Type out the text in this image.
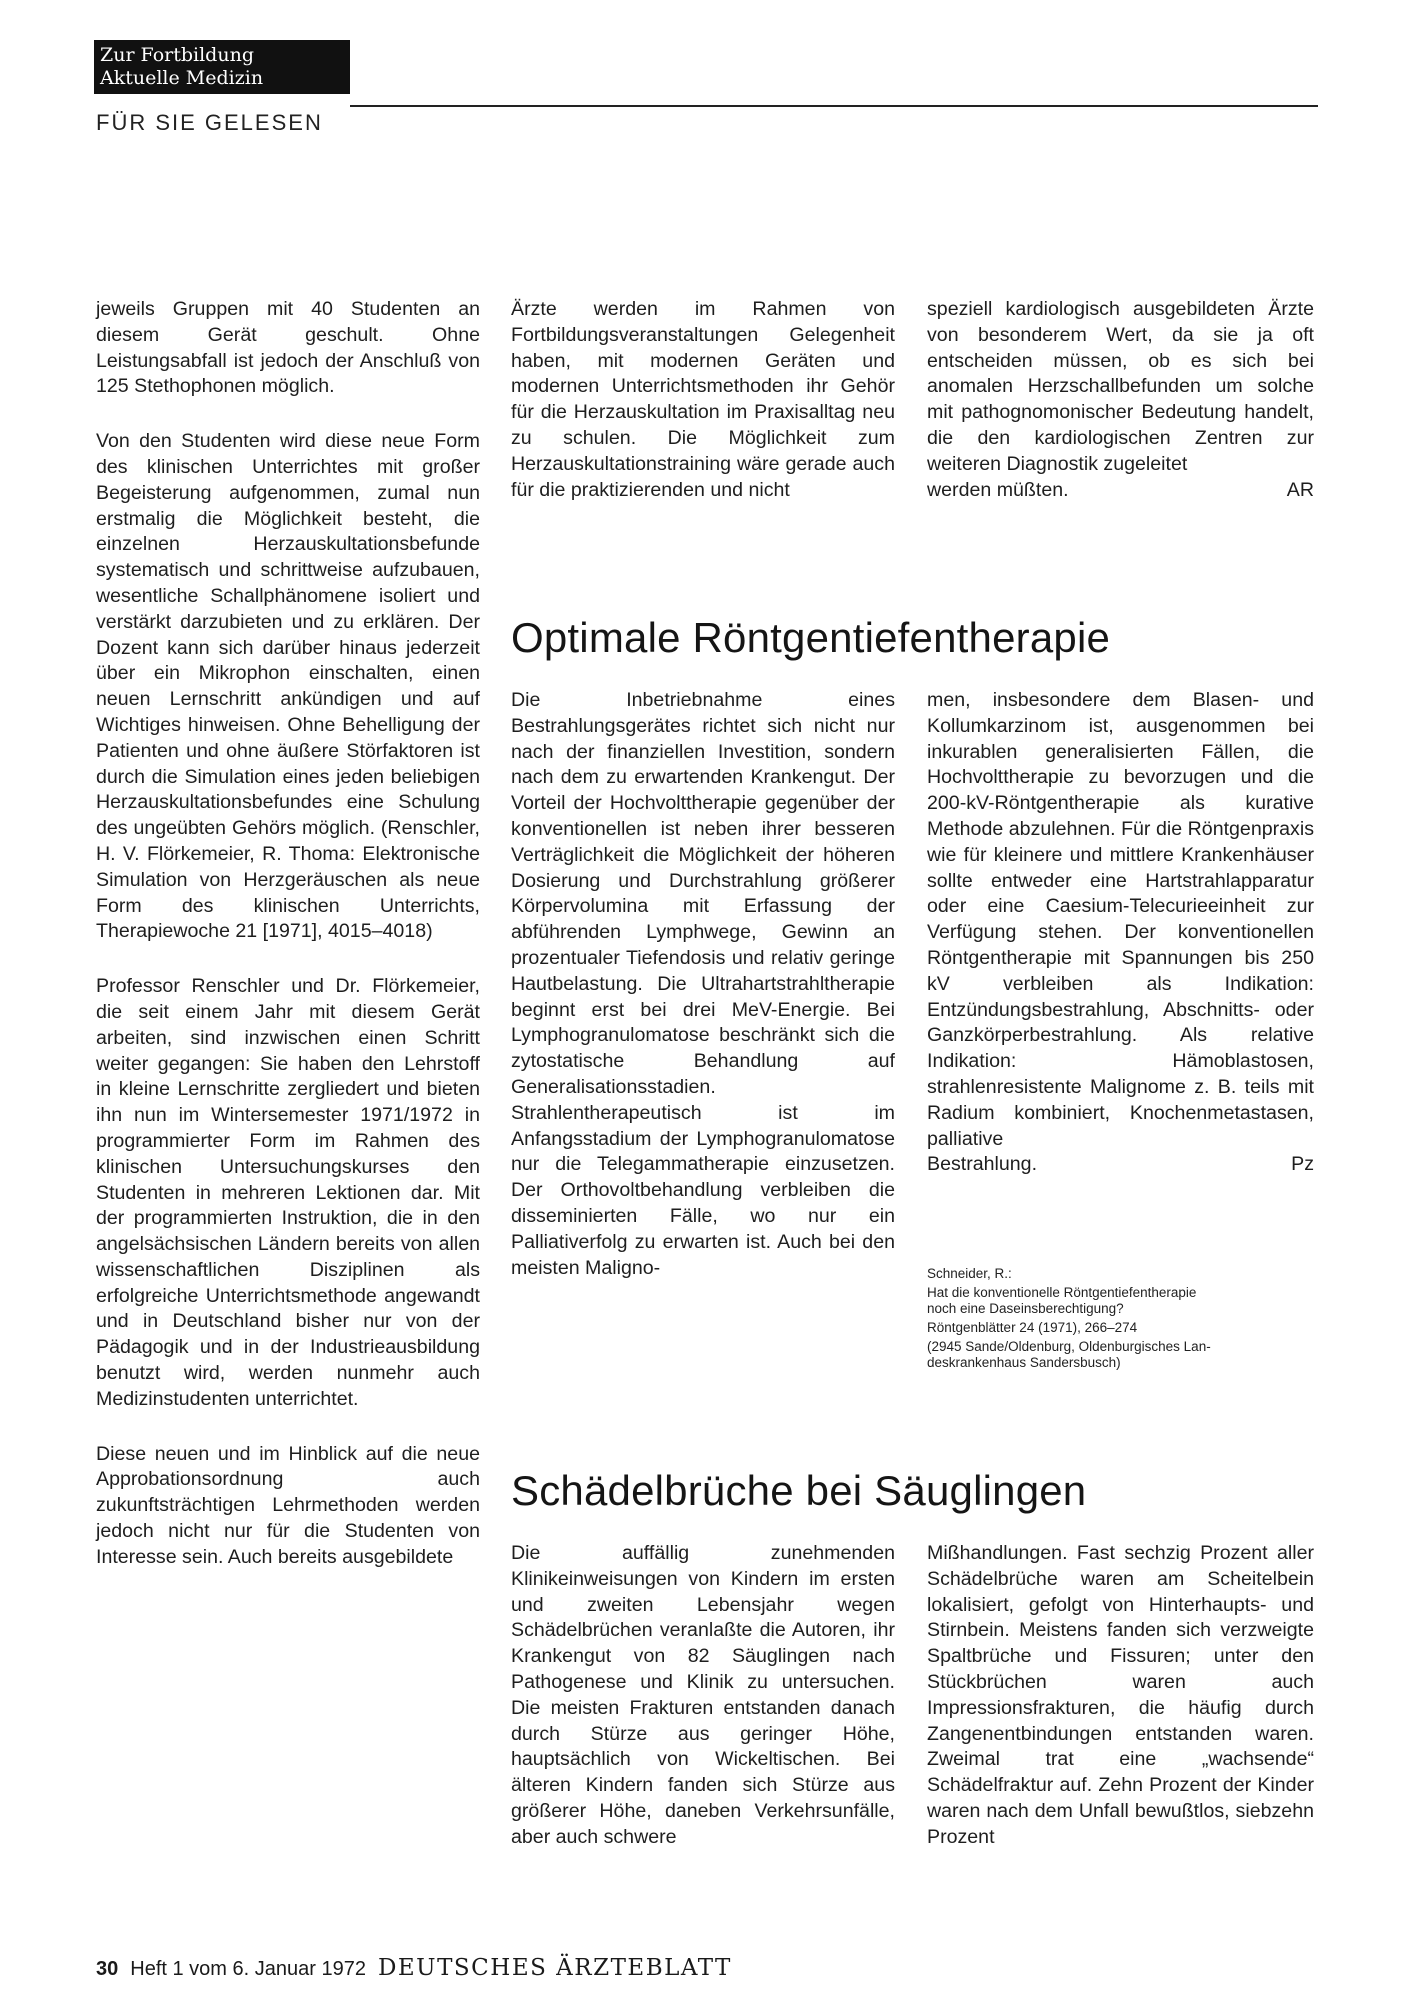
Zur Fortbildung
Aktuelle Medizin
FÜR SIE GELESEN

jeweils Gruppen mit 40 Studenten an diesem Gerät geschult. Ohne Leistungsabfall ist jedoch der Anschluß von 125 Stethophonen möglich.

Von den Studenten wird diese neue Form des klinischen Unterrichtes mit großer Begeisterung aufgenommen, zumal nun erstmalig die Möglichkeit besteht, die einzelnen Herzauskultationsbefunde systematisch und schrittweise aufzubauen, wesentliche Schallphänomene isoliert und verstärkt darzubieten und zu erklären. Der Dozent kann sich darüber hinaus jederzeit über ein Mikrophon einschalten, einen neuen Lernschritt ankündigen und auf Wichtiges hinweisen. Ohne Behelligung der Patienten und ohne äußere Störfaktoren ist durch die Simulation eines jeden beliebigen Herzauskultationsbefundes eine Schulung des ungeübten Gehörs möglich. (Renschler, H. V. Flörkemeier, R. Thoma: Elektronische Simulation von Herzgeräuschen als neue Form des klinischen Unterrichts, Therapiewoche 21 [1971], 4015–4018)

Professor Renschler und Dr. Flörkemeier, die seit einem Jahr mit diesem Gerät arbeiten, sind inzwischen einen Schritt weiter gegangen: Sie haben den Lehrstoff in kleine Lernschritte zergliedert und bieten ihn nun im Wintersemester 1971/1972 in programmierter Form im Rahmen des klinischen Untersuchungskurses den Studenten in mehreren Lektionen dar. Mit der programmierten Instruktion, die in den angelsächsischen Ländern bereits von allen wissenschaftlichen Disziplinen als erfolgreiche Unterrichtsmethode angewandt und in Deutschland bisher nur von der Pädagogik und in der Industrieausbildung benutzt wird, werden nunmehr auch Medizinstudenten unterrichtet.

Diese neuen und im Hinblick auf die neue Approbationsordnung auch zukunftsträchtigen Lehrmethoden werden jedoch nicht nur für die Studenten von Interesse sein. Auch bereits ausgebildete

Ärzte werden im Rahmen von Fortbildungsveranstaltungen Gelegenheit haben, mit modernen Geräten und modernen Unterrichtsmethoden ihr Gehör für die Herzauskultation im Praxisalltag neu zu schulen. Die Möglichkeit zum Herzauskultationstraining wäre gerade auch für die praktizierenden und nicht

speziell kardiologisch ausgebildeten Ärzte von besonderem Wert, da sie ja oft entscheiden müssen, ob es sich bei anomalen Herzschallbefunden um solche mit pathognomonischer Bedeutung handelt, die den kardiologischen Zentren zur weiteren Diagnostik zugeleitet

werden müßten.	AR
Optimale Röntgentiefentherapie

Die Inbetriebnahme eines Bestrahlungsgerätes richtet sich nicht nur nach der finanziellen Investition, sondern nach dem zu erwartenden Krankengut. Der Vorteil der Hochvolttherapie gegenüber der konventionellen ist neben ihrer besseren Verträglichkeit die Möglichkeit der höheren Dosierung und Durchstrahlung größerer Körpervolumina mit Erfassung der abführenden Lymphwege, Gewinn an prozentualer Tiefendosis und relativ geringe Hautbelastung. Die Ultrahartstrahltherapie beginnt erst bei drei MeV-Energie. Bei Lymphogranulomatose beschränkt sich die zytostatische Behandlung auf Generalisationsstadien. Strahlentherapeutisch ist im Anfangsstadium der Lymphogranulomatose nur die Telegammatherapie einzusetzen. Der Orthovoltbehandlung verbleiben die disseminierten Fälle, wo nur ein Palliativerfolg zu erwarten ist. Auch bei den meisten Maligno-

men, insbesondere dem Blasen- und Kollumkarzinom ist, ausgenommen bei inkurablen generalisierten Fällen, die Hochvolttherapie zu bevorzugen und die 200-kV-Röntgentherapie als kurative Methode abzulehnen. Für die Röntgenpraxis wie für kleinere und mittlere Krankenhäuser sollte entweder eine Hartstrahlapparatur oder eine Caesium-Telecurieeinheit zur Verfügung stehen. Der konventionellen Röntgentherapie mit Spannungen bis 250 kV verbleiben als Indikation: Entzündungsbestrahlung, Abschnitts- oder Ganzkörperbestrahlung. Als relative Indikation: Hämoblastosen, strahlenresistente Malignome z. B. teils mit Radium kombiniert, Knochenmetastasen, palliative

Bestrahlung.	Pz
Schneider, R.:
Hat die konventionelle Röntgentiefentherapie
noch eine Daseinsberechtigung?
Röntgenblätter 24 (1971), 266–274
(2945 Sande/Oldenburg, Oldenburgisches Lan-
deskrankenhaus Sandersbusch)
Schädelbrüche bei Säuglingen

Die auffällig zunehmenden Klinikeinweisungen von Kindern im ersten und zweiten Lebensjahr wegen Schädelbrüchen veranlaßte die Autoren, ihr Krankengut von 82 Säuglingen nach Pathogenese und Klinik zu untersuchen. Die meisten Frakturen entstanden danach durch Stürze aus geringer Höhe, hauptsächlich von Wickeltischen. Bei älteren Kindern fanden sich Stürze aus größerer Höhe, daneben Verkehrsunfälle, aber auch schwere

Mißhandlungen. Fast sechzig Prozent aller Schädelbrüche waren am Scheitelbein lokalisiert, gefolgt von Hinterhaupts- und Stirnbein. Meistens fanden sich verzweigte Spaltbrüche und Fissuren; unter den Stückbrüchen waren auch Impressionsfrakturen, die häufig durch Zangenentbindungen entstanden waren. Zweimal trat eine „wachsende“ Schädelfraktur auf. Zehn Prozent der Kinder waren nach dem Unfall bewußtlos, siebzehn Prozent

30 Heft 1 vom 6. Januar 1972 DEUTSCHES ÄRZTEBLATT
